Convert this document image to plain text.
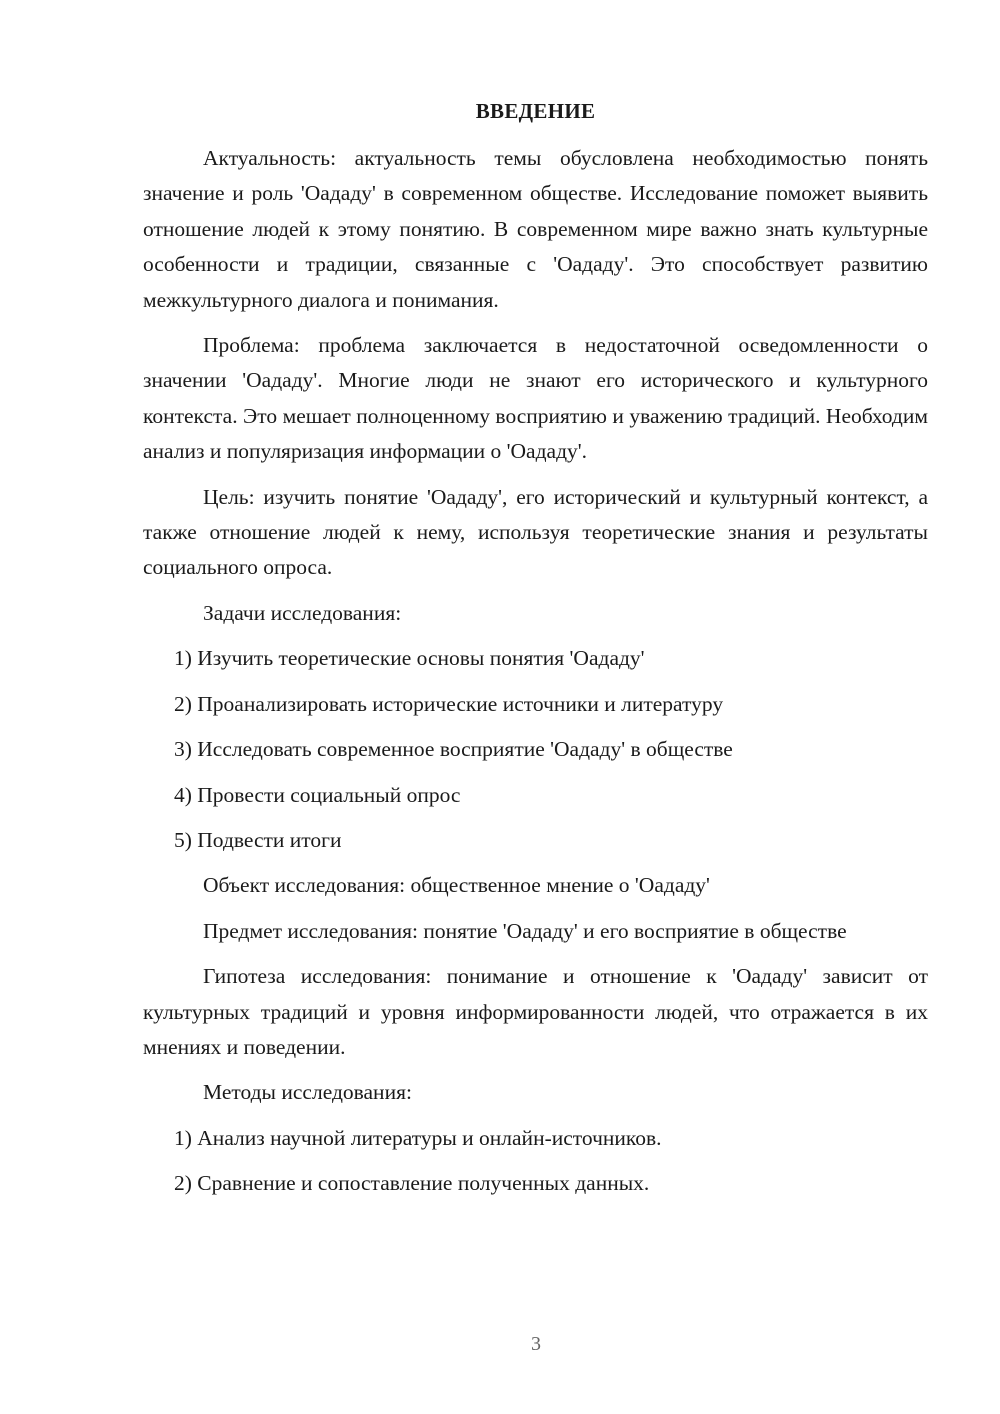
ВВЕДЕНИЕ

Актуальность: актуальность темы обусловлена необходимостью понять значение и роль 'Оададу' в современном обществе. Исследование поможет выявить отношение людей к этому понятию. В современном мире важно знать культурные особенности и традиции, связанные с 'Оададу'. Это способствует развитию межкультурного диалога и понимания.

Проблема: проблема заключается в недостаточной осведомленности о значении 'Оададу'. Многие люди не знают его исторического и культурного контекста. Это мешает полноценному восприятию и уважению традиций. Необходим анализ и популяризация информации о 'Оададу'.

Цель: изучить понятие 'Оададу', его исторический и культурный контекст, а также отношение людей к нему, используя теоретические знания и результаты социального опроса.

Задачи исследования:

1) Изучить теоретические основы понятия 'Оададу'

2) Проанализировать исторические источники и литературу

3) Исследовать современное восприятие 'Оададу' в обществе

4) Провести социальный опрос

5) Подвести итоги

Объект исследования: общественное мнение о 'Оададу'

Предмет исследования: понятие 'Оададу' и его восприятие в обществе

Гипотеза исследования: понимание и отношение к 'Оададу' зависит от культурных традиций и уровня информированности людей, что отражается в их мнениях и поведении.

Методы исследования:

1) Анализ научной литературы и онлайн-источников.

2) Сравнение и сопоставление полученных данных.

3
